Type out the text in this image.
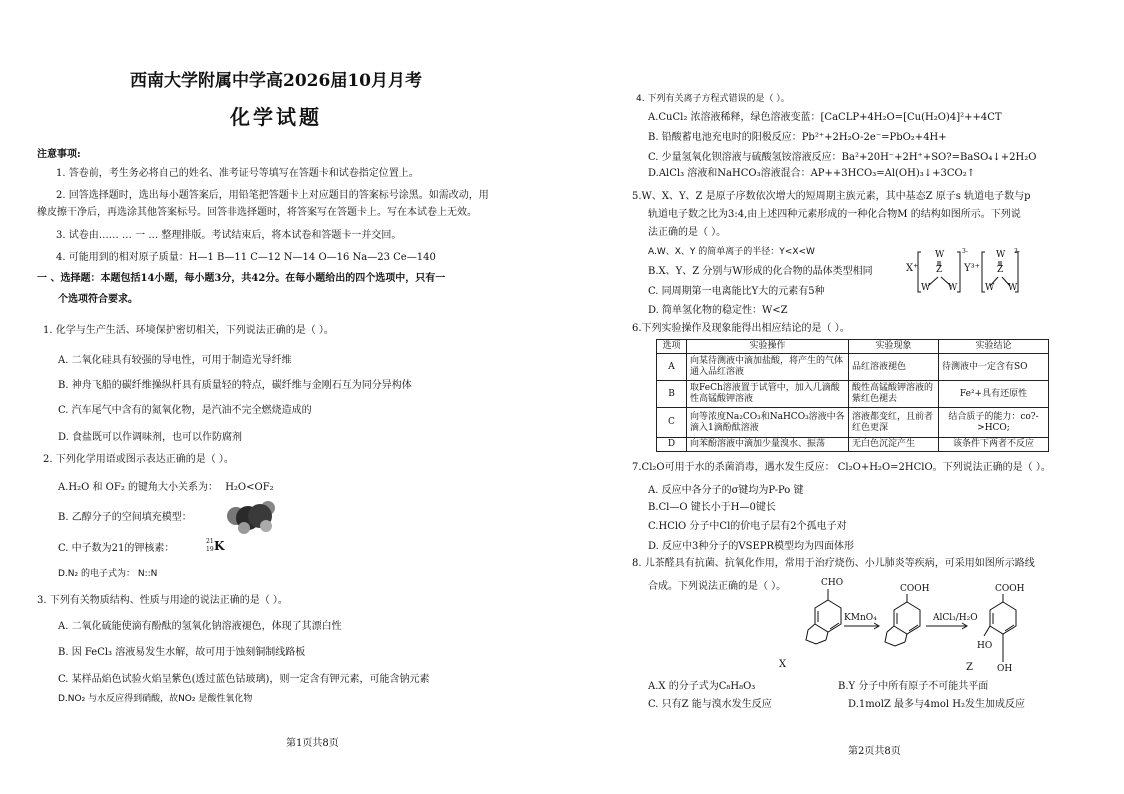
西南大学附属中学高2026届10月月考
化学试题
注意事项:
1. 答卷前，考生务必将自己的姓名、准考证号等填写在答题卡和试卷指定位置上。
2. 回答选择题时，选出每小题答案后，用铅笔把答题卡上对应题目的答案标号涂黑。如需改动，用
橡皮擦干净后，再选涂其他答案标号。回答非选择题时，将答案写在答题卡上。写在本试卷上无效。
3. 试卷由…… … 一 … 整理排版。考试结束后，将本试卷和答题卡一并交回。
4. 可能用到的相对原子质量：H—1 B—11 C—12 N—14 O—16 Na—23 Ce—140
一 、选择题：本题包括14小题，每小题3分，共42分。在每小题给出的四个选项中，只有一
个选项符合要求。
1. 化学与生产生活、环境保护密切相关，下列说法正确的是（ ）。
A. 二氧化硅具有较强的导电性，可用于制造光导纤维
B. 神舟飞船的碳纤维操纵杆具有质量轻的特点，碳纤维与金刚石互为同分异构体
C. 汽车尾气中含有的氮氧化物，是汽油不完全燃烧造成的
D. 食盐既可以作调味剂，也可以作防腐剂
2. 下列化学用语或图示表达正确的是（ ）。
A.H₂O 和 OF₂ 的键角大小关系为： H₂O<OF₂
B. 乙醇分子的空间填充模型：
C. 中子数为21的钾核素：
21
19 K
D.N₂ 的电子式为： N::N
3. 下列有关物质结构、性质与用途的说法正确的是（ ）。
A. 二氧化硫能使滴有酚酞的氢氧化钠溶液褪色，体现了其漂白性
B. 因 FeCl₃ 溶液易发生水解，故可用于蚀刻铜制线路板
C. 某样品焰色试验火焰呈紫色(透过蓝色钴玻璃)，则一定含有钾元素，可能含钠元素
D.NO₂ 与水反应得到硝酸，故NO₂ 是酸性氧化物
第1页共8页
4. 下列有关离子方程式错误的是（ ）。
A.CuCl₂ 浓溶液稀释，绿色溶液变蓝：[CaCLP+4H₂O=[Cu(H₂O)4]²++4CT
B. 铅酸蓄电池充电时的阳极反应：Pb²⁺+2H₂O-2e⁻=PbO₂+4H+
C. 少量氢氧化钡溶液与硫酸氢铵溶液反应：Ba²+20H⁻+2H⁺+SO?=BaSO₄↓+2H₂O
D.AlCl₃ 溶液和NaHCO₃溶液混合：AP++3HCO₃=Al(OH)₃↓+3CO₂↑
5.W、X、Y、Z 是原子序数依次增大的短周期主族元素，其中基态Z 原子s 轨道电子数与p
轨道电子数之比为3:4,由上述四种元素形成的一种化合物M 的结构如图所示。下列说
法正确的是（ ）。
A.W、X、Y 的简单离子的半径：Y<X<W
B.X、Y、Z 分别与W形成的化合物的晶体类型相同
C. 同周期第一电离能比Y大的元素有5种
D. 简单氢化物的稳定性：W<Z
X⁺
W
Z
W W
3-
Y³⁺
W
Z
W W
3-
6.下列实验操作及现象能得出相应结论的是（ ）。
选项	实验操作	实验现象	实验结论
A	向某待测液中滴加盐酸，将产生的气体通入品红溶液	品红溶液褪色	待测液中一定含有SO
B	取FeCh溶液置于试管中，加入几滴酸性高锰酸钾溶液	酸性高锰酸钾溶液的紫红色褪去	Fe²+具有还原性
C	向等浓度Na₂CO₃和NaHCO₃溶液中各滴入1滴酚酞溶液	溶液都变红，且前者红色更深	结合质子的能力：co?->HCO;
D	向苯酚溶液中滴加少量溴水、振荡	无白色沉淀产生	该条件下两者不反应
7.Cl₂O可用于水的杀菌消毒，遇水发生反应： Cl₂O+H₂O=2HClO。下列说法正确的是（ ）。
A. 反应中各分子的σ键均为P-Po 键
B.Cl—O 键长小于H—0键长
C.HClO 分子中Cl的价电子层有2个孤电子对
D. 反应中3种分子的VSEPR模型均为四面体形
8. 儿茶醛具有抗菌、抗氧化作用，常用于治疗烧伤、小儿肺炎等疾病，可采用如图所示路线
合成。下列说法正确的是（ ）。	CHO
COOH	COOH
KMnO₄	AlCl₃/H₂O
HO
OH
X	Z
A.X 的分子式为C₈H₈O₃	B.Y 分子中所有原子不可能共平面
C. 只有Z 能与溴水发生反应	D.1molZ 最多与4mol H₂发生加成反应
第2页共8页
